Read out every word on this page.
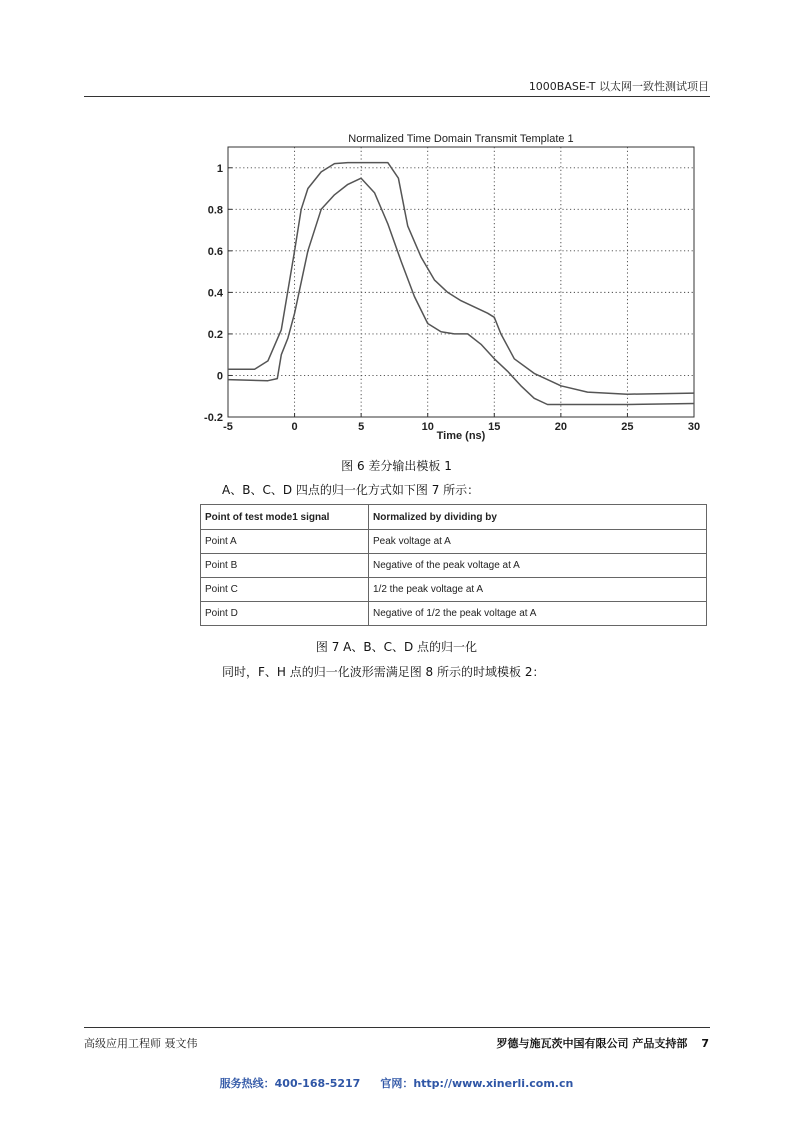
1000BASE-T 以太网一致性测试项目
Normalized Time Domain Transmit Template 1
-5	0	5	10	15	20	25	30
-0.2
0
0.2
0.4
0.6
0.8
1
Time (ns)
图 6 差分输出模板 1
A、B、C、D 四点的归一化方式如下图 7 所示：
Point of test mode1 signal	Normalized by dividing by
Point A	Peak voltage at A
Point B	Negative of the peak voltage at A
Point C	1/2 the peak voltage at A
Point D	Negative of 1/2 the peak voltage at A
图 7 A、B、C、D 点的归一化
同时，F、H 点的归一化波形需满足图 8 所示的时域模板 2：
高级应用工程师 聂文伟	罗德与施瓦茨中国有限公司 产品支持部 7
服务热线：400-168-5217 官网：http://www.xinerli.com.cn
